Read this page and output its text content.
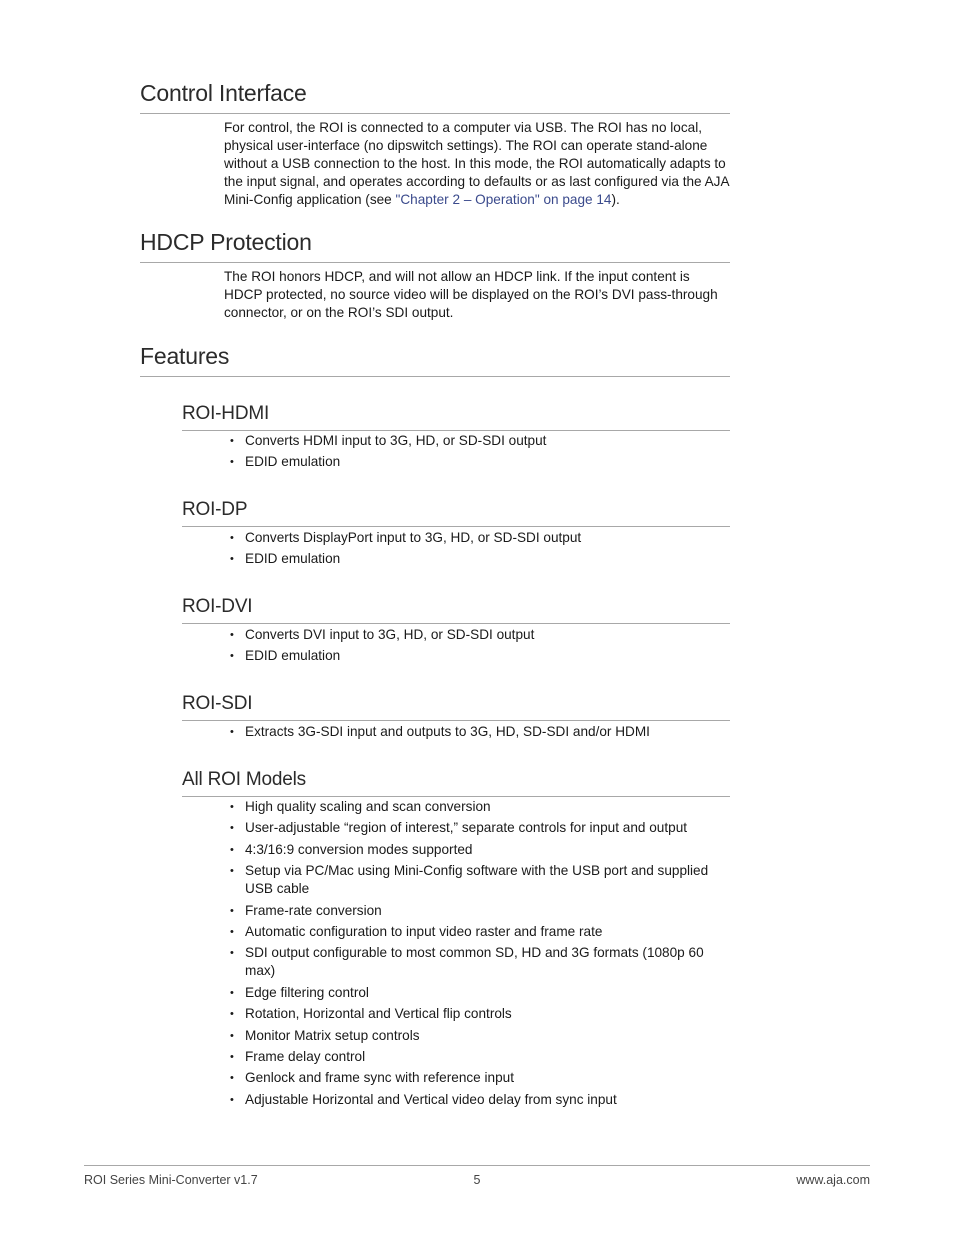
Control Interface

For control, the ROI is connected to a computer via USB. The ROI has no local, physical user-interface (no dipswitch settings). The ROI can operate stand-alone without a USB connection to the host. In this mode, the ROI automatically adapts to the input signal, and operates according to defaults or as last configured via the AJA Mini-Config application (see "Chapter 2 – Operation" on page 14).

HDCP Protection

The ROI honors HDCP, and will not allow an HDCP link. If the input content is HDCP protected, no source video will be displayed on the ROI’s DVI pass-through connector, or on the ROI’s SDI output.

Features
ROI-HDMI
• Converts HDMI input to 3G, HD, or SD-SDI output
• EDID emulation
ROI-DP
• Converts DisplayPort input to 3G, HD, or SD-SDI output
• EDID emulation
ROI-DVI
• Converts DVI input to 3G, HD, or SD-SDI output
• EDID emulation
ROI-SDI
• Extracts 3G-SDI input and outputs to 3G, HD, SD-SDI and/or HDMI
All ROI Models
• High quality scaling and scan conversion
• User-adjustable “region of interest,” separate controls for input and output
• 4:3/16:9 conversion modes supported
• Setup via PC/Mac using Mini-Config software with the USB port and supplied USB cable
• Frame-rate conversion
• Automatic configuration to input video raster and frame rate
• SDI output configurable to most common SD, HD and 3G formats (1080p 60 max)
• Edge filtering control
• Rotation, Horizontal and Vertical flip controls
• Monitor Matrix setup controls
• Frame delay control
• Genlock and frame sync with reference input
• Adjustable Horizontal and Vertical video delay from sync input
ROI Series Mini-Converter v1.7	5	www.aja.com
